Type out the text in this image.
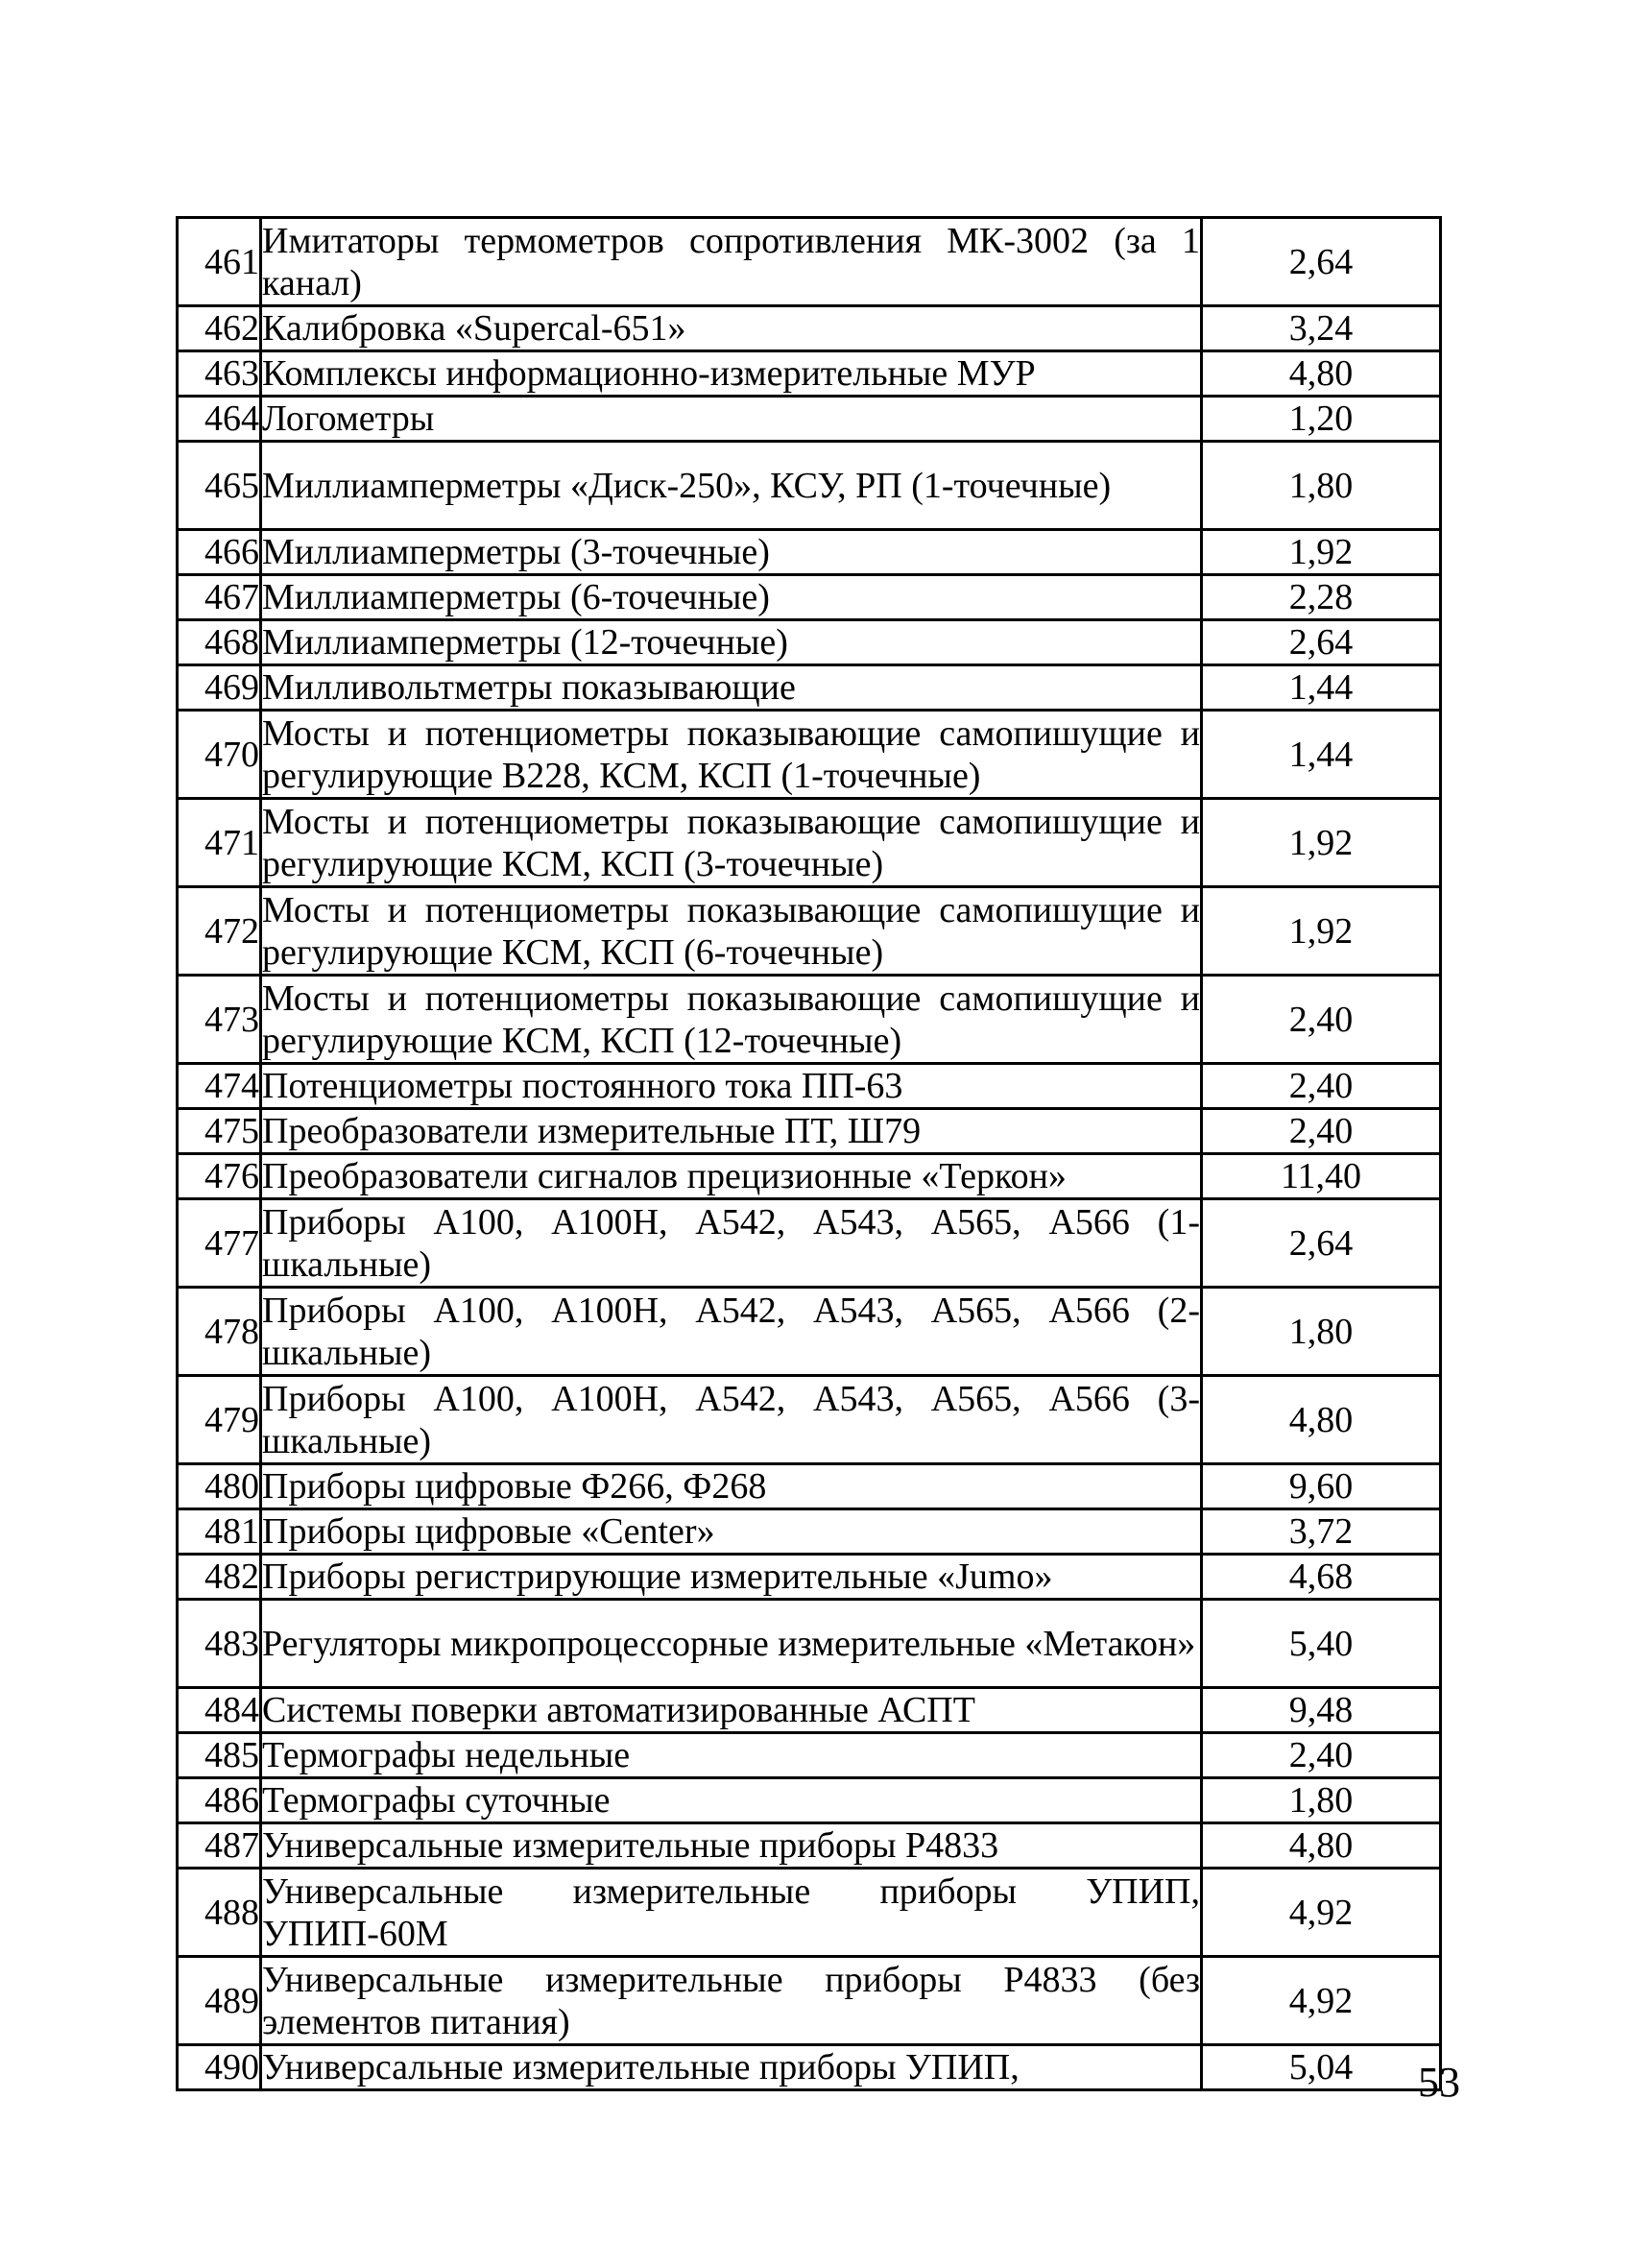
461	Имитаторы термометров сопротивления МК-3002 (за 1 канал)	2,64
462	Калибровка «Supercal-651»	3,24
463	Комплексы информационно-измерительные МУР	4,80
464	Логометры	1,20
465	Миллиамперметры «Диск-250», КСУ, РП (1-точечные)	1,80
466	Миллиамперметры (3-точечные)	1,92
467	Миллиамперметры (6-точечные)	2,28
468	Миллиамперметры (12-точечные)	2,64
469	Милливольтметры показывающие	1,44
470	Мосты и потенциометры показывающие самопишущие и регулирующие В228, КСМ, КСП (1-точечные)	1,44
471	Мосты и потенциометры показывающие самопишущие и регулирующие КСМ, КСП (3-точечные)	1,92
472	Мосты и потенциометры показывающие самопишущие и регулирующие КСМ, КСП (6-точечные)	1,92
473	Мосты и потенциометры показывающие самопишущие и регулирующие КСМ, КСП (12-точечные)	2,40
474	Потенциометры постоянного тока ПП-63	2,40
475	Преобразователи измерительные ПТ, Ш79	2,40
476	Преобразователи сигналов прецизионные «Теркон»	11,40
477	Приборы А100, А100Н, А542, А543, А565, А566 (1-шкальные)	2,64
478	Приборы А100, А100Н, А542, А543, А565, А566 (2-шкальные)	1,80
479	Приборы А100, А100Н, А542, А543, А565, А566 (3-шкальные)	4,80
480	Приборы цифровые Ф266, Ф268	9,60
481	Приборы цифровые «Center»	3,72
482	Приборы регистрирующие измерительные «Jumo»	4,68
483	Регуляторы микропроцессорные измерительные «Метакон»	5,40
484	Системы поверки автоматизированные АСПТ	9,48
485	Термографы недельные	2,40
486	Термографы суточные	1,80
487	Универсальные измерительные приборы Р4833	4,80
488	Универсальные измерительные приборы УПИП, УПИП-60М	4,92
489	Универсальные измерительные приборы Р4833 (без элементов питания)	4,92
490	Универсальные измерительные приборы УПИП,	5,04 53
